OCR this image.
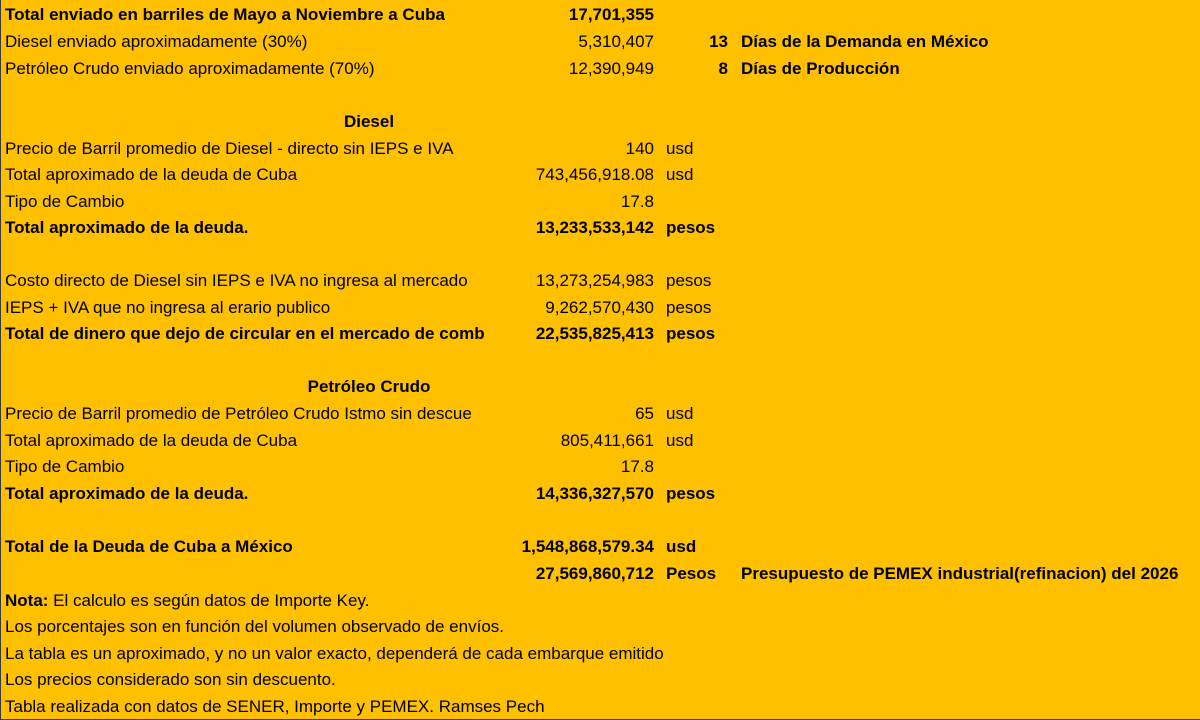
Total enviado en barriles de Mayo a Noviembre a Cuba	17,701,355
Diesel enviado aproximadamente (30%)	5,310,407	13 Días de la Demanda en México
Petróleo Crudo enviado aproximadamente (70%)	12,390,949	8 Días de Producción
Diesel
Precio de Barril promedio de Diesel - directo sin IEPS e IVA	140 usd
Total aproximado de la deuda de Cuba	743,456,918.08 usd
Tipo de Cambio	17.8
Total aproximado de la deuda.	13,233,533,142 pesos
Costo directo de Diesel sin IEPS e IVA no ingresa al mercado	13,273,254,983 pesos
IEPS + IVA que no ingresa al erario publico	9,262,570,430 pesos
Total de dinero que dejo de circular en el mercado de comb	22,535,825,413 pesos
Petróleo Crudo
Precio de Barril promedio de Petróleo Crudo Istmo sin descue	65 usd
Total aproximado de la deuda de Cuba	805,411,661 usd
Tipo de Cambio	17.8
Total aproximado de la deuda.	14,336,327,570 pesos
Total de la Deuda de Cuba a México	1,548,868,579.34 usd
27,569,860,712 Pesos Presupuesto de PEMEX industrial(refinacion) del 2026
Nota: El calculo es según datos de Importe Key.
Los porcentajes son en función del volumen observado de envíos.
La tabla es un aproximado, y no un valor exacto, dependerá de cada embarque emitido
Los precios considerado son sin descuento.
Tabla realizada con datos de SENER, Importe y PEMEX. Ramses Pech
